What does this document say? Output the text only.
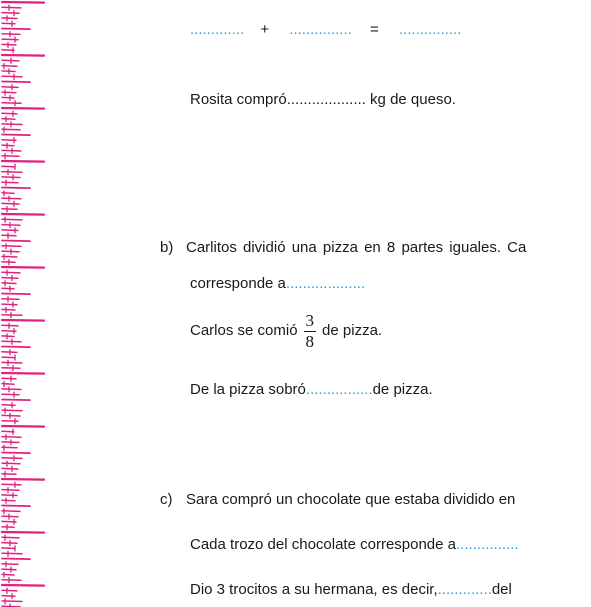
............. + ............... = ...............
Rosita compró................... kg de queso.
b) Carlitos dividió una pizza en 8 partes iguales. Ca
corresponde a...................
Carlos se comió $\frac{3}{8}$ de pizza.
De la pizza sobró................de pizza.
c) Sara compró un chocolate que estaba dividido en
Cada trozo del chocolate corresponde a...............
Dio 3 trocitos a su hermana, es decir,.............del
